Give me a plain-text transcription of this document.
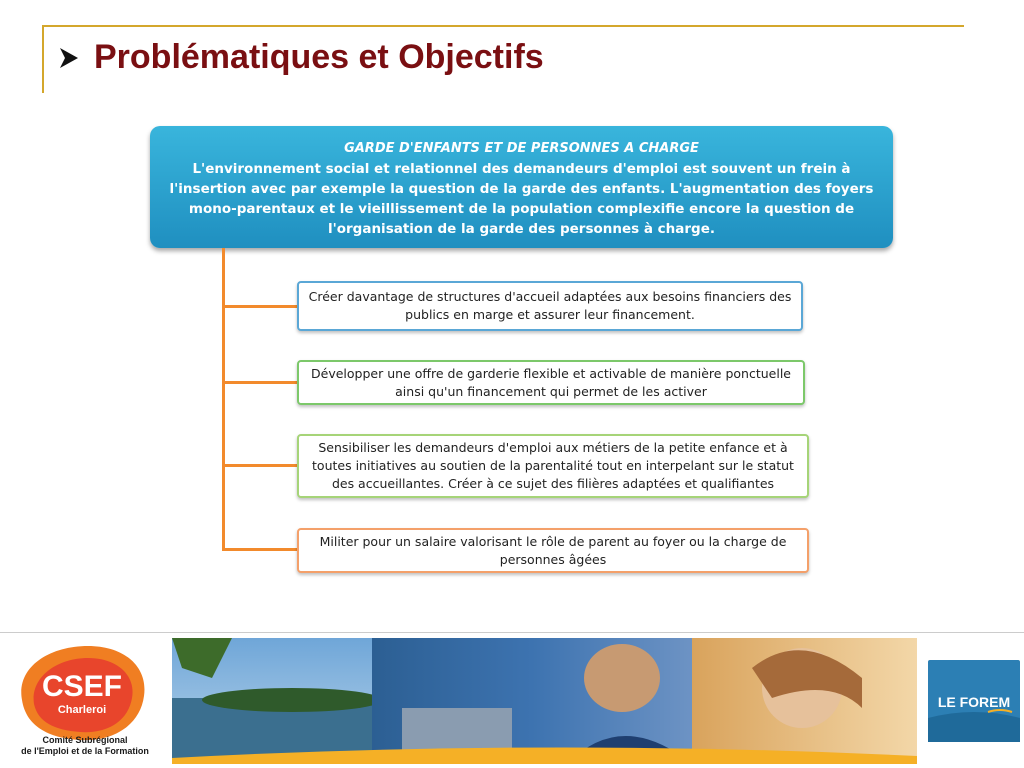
Problématiques et Objectifs
GARDE D'ENFANTS ET DE PERSONNES A CHARGE
L'environnement social et relationnel des demandeurs d'emploi est souvent un frein à l'insertion avec par exemple la question de la garde des enfants. L'augmentation des foyers mono-parentaux et le vieillissement de la population complexifie encore la question de l'organisation de la garde des personnes à charge.
Créer davantage de structures d'accueil adaptées aux besoins financiers des publics en marge et assurer leur financement.
Développer une offre de garderie flexible et activable de manière ponctuelle ainsi qu'un financement qui permet de les activer
Sensibiliser les demandeurs d'emploi aux métiers de la petite enfance et à toutes initiatives au soutien de la parentalité tout en interpelant sur le statut des accueillantes. Créer à ce sujet des filières adaptées et qualifiantes
Militer pour un salaire valorisant le rôle de parent au foyer ou la charge de personnes âgées
CSEF
Charleroi
Comité Subrégional
de l'Emploi et de la Formation
LE FOREM
